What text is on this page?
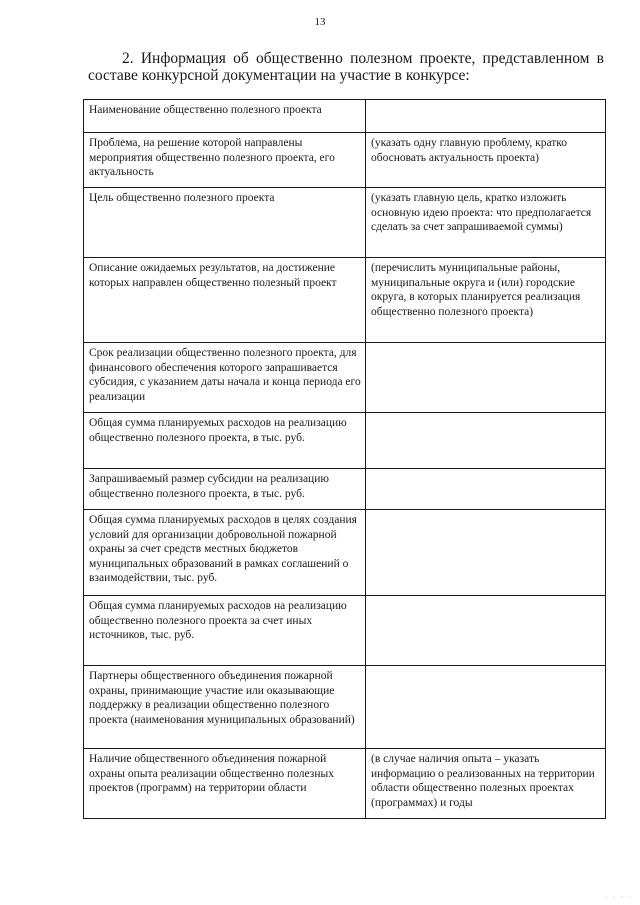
13
2. Информация об общественно полезном проекте, представленном в
составе конкурсной документации на участие в конкурсе:
Наименование общественно полезного проекта	
Проблема, на решение которой направлены мероприятия общественно полезного проекта, его актуальность	(указать одну главную проблему, кратко обосновать актуальность проекта)
Цель общественно полезного проекта	(указать главную цель, кратко изложить основную идею проекта: что предполагается сделать за счет запрашиваемой суммы)
Описание ожидаемых результатов, на достижение которых направлен общественно полезный проект	(перечислить муниципальные районы, муниципальные округа и (или) городские округа, в которых планируется реализация общественно полезного проекта)
Срок реализации общественно полезного проекта, для финансового обеспечения которого запрашивается субсидия, с указанием даты начала и конца периода его реализации	
Общая сумма планируемых расходов на реализацию общественно полезного проекта, в тыс. руб.	
Запрашиваемый размер субсидии на реализацию общественно полезного проекта, в тыс. руб.	
Общая сумма планируемых расходов в целях создания условий для организации добровольной пожарной охраны за счет средств местных бюджетов муниципальных образований в рамках соглашений о взаимодействии, тыс. руб.	
Общая сумма планируемых расходов на реализацию общественно полезного проекта за счет иных источников, тыс. руб.	
Партнеры общественного объединения пожарной охраны, принимающие участие или оказывающие поддержку в реализации общественно полезного проекта (наименования муниципальных образований)	
Наличие общественного объединения пожарной охраны опыта реализации общественно полезных проектов (программ) на территории области	(в случае наличия опыта – указать информацию о реализованных на территории области общественно полезных проектах (программах) и годы
· · · ·
